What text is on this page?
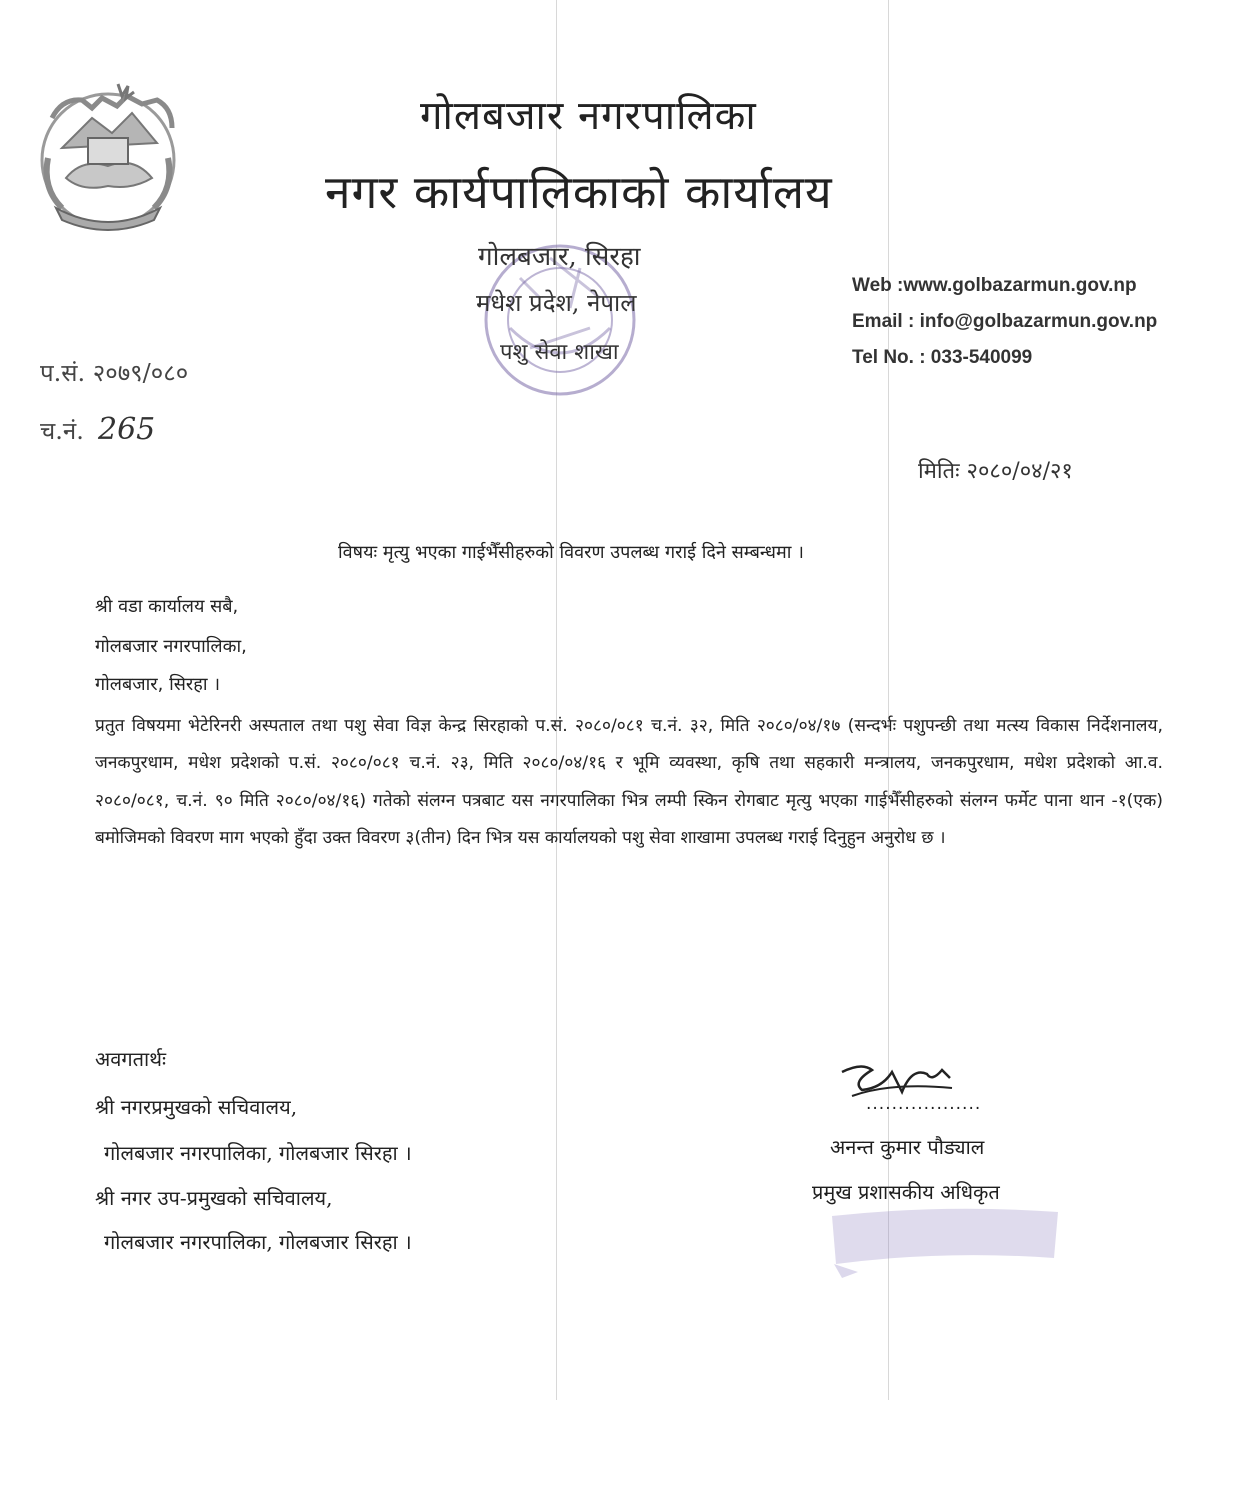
गोलबजार नगरपालिका
नगर कार्यपालिकाको कार्यालय
गोलबजार, सिरहा
मधेश प्रदेश, नेपाल
पशु सेवा शाखा
Web :www.golbazarmun.gov.np
Email : info@golbazarmun.gov.np
Tel No. : 033-540099
प.सं. २०७९/०८०
च.नं. 265
मितिः २०८०/०४/२१
विषयः मृत्यु भएका गाईभैँसीहरुको विवरण उपलब्ध गराई दिने सम्बन्धमा ।
श्री वडा कार्यालय सबै,
गोलबजार नगरपालिका,
गोलबजार, सिरहा ।
प्रतुत विषयमा भेटेरिनरी अस्पताल तथा पशु सेवा विज्ञ केन्द्र सिरहाको प.सं. २०८०/०८१ च.नं. ३२, मिति २०८०/०४/१७ (सन्दर्भः पशुपन्छी तथा मत्स्य विकास निर्देशनालय, जनकपुरधाम, मधेश प्रदेशको प.सं. २०८०/०८१ च.नं. २३, मिति २०८०/०४/१६ र भूमि व्यवस्था, कृषि तथा सहकारी मन्त्रालय, जनकपुरधाम, मधेश प्रदेशको आ.व. २०८०/०८१, च.नं. ९० मिति २०८०/०४/१६) गतेको संलग्न पत्रबाट यस नगरपालिका भित्र लम्पी स्किन रोगबाट मृत्यु भएका गाईभैँसीहरुको संलग्न फर्मेट पाना थान -१(एक) बमोजिमको विवरण माग भएको हुँदा उक्त विवरण ३(तीन) दिन भित्र यस कार्यालयको पशु सेवा शाखामा उपलब्ध गराई दिनुहुन अनुरोध छ ।
अवगतार्थः
श्री नगरप्रमुखको सचिवालय,
गोलबजार नगरपालिका, गोलबजार सिरहा ।
श्री नगर उप-प्रमुखको सचिवालय,
गोलबजार नगरपालिका, गोलबजार सिरहा ।
..................
अनन्त कुमार पौड्याल
प्रमुख प्रशासकीय अधिकृत
